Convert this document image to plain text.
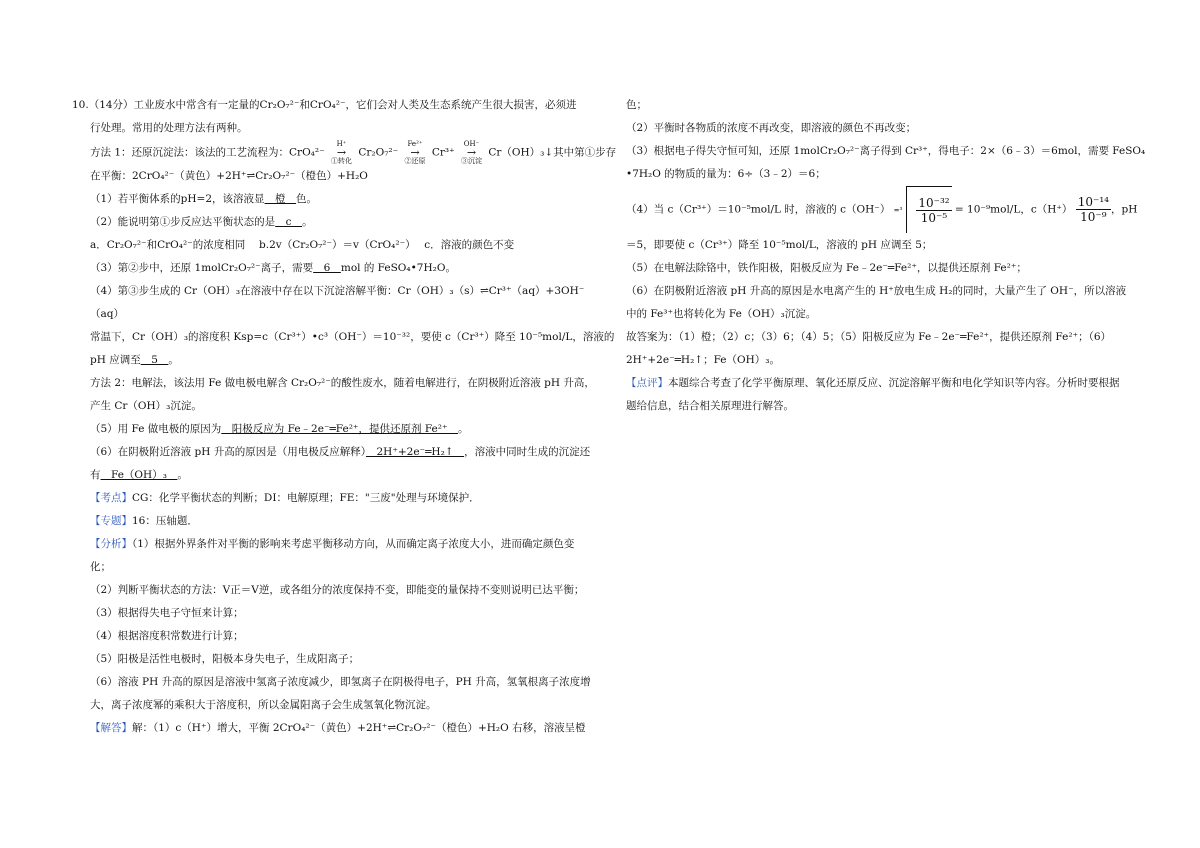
10.（14分）工业废水中常含有一定量的Cr₂O₇²⁻和CrO₄²⁻，它们会对人类及生态系统产生很大损害，必须进
行处理。常用的处理方法有两种。
方法 1：还原沉淀法：该法的工艺流程为：CrO₄²⁻ H⁺
→
①转化 Cr₂O₇²⁻ Fe²⁺
→
②还原 Cr³⁺ OH⁻
→
③沉淀 Cr（OH）₃↓其中第①步存
在平衡：2CrO₄²⁻（黄色）+2H⁺⇌Cr₂O₇²⁻（橙色）+H₂O
（1）若平衡体系的pH=2，该溶液显　橙　色。
（2）能说明第①步反应达平衡状态的是　c　。
a．Cr₂O₇²⁻和CrO₄²⁻的浓度相同　 b.2v（Cr₂O₇²⁻）＝v（CrO₄²⁻）　 c．溶液的颜色不变
（3）第②步中，还原 1molCr₂O₇²⁻离子，需要　6　mol 的 FeSO₄•7H₂O。
（4）第③步生成的 Cr（OH）₃在溶液中存在以下沉淀溶解平衡：Cr（OH）₃（s）⇌Cr³⁺（aq）+3OH⁻
（aq）
常温下，Cr（OH）₃的溶度积 Ksp=c（Cr³⁺）•c³（OH⁻）＝10⁻³²，要使 c（Cr³⁺）降至 10⁻⁵mol/L，溶液的
pH 应调至　5　。
方法 2：电解法，该法用 Fe 做电极电解含 Cr₂O₇²⁻的酸性废水，随着电解进行，在阴极附近溶液 pH 升高，
产生 Cr（OH）₃沉淀。
（5）用 Fe 做电极的原因为　阳极反应为 Fe﹣2e⁻═Fe²⁺，提供还原剂 Fe²⁺　。
（6）在阴极附近溶液 pH 升高的原因是（用电极反应解释）　2H⁺+2e⁻═H₂↑　，溶液中同时生成的沉淀还
有　Fe（OH）₃　。
【考点】CG：化学平衡状态的判断；DI：电解原理；FE："三废"处理与环境保护．
【专题】16：压轴题．
【分析】（1）根据外界条件对平衡的影响来考虑平衡移动方向，从而确定离子浓度大小，进而确定颜色变
化；
（2）判断平衡状态的方法：V正＝V逆，或各组分的浓度保持不变，即能变的量保持不变则说明已达平衡；
（3）根据得失电子守恒来计算；
（4）根据溶度积常数进行计算；
（5）阳极是活性电极时，阳极本身失电子，生成阳离子；
（6）溶液 PH 升高的原因是溶液中氢离子浓度减少，即氢离子在阴极得电子，PH 升高，氢氧根离子浓度增
大，离子浓度幂的乘积大于溶度积，所以金属阳离子会生成氢氧化物沉淀。
【解答】解：（1）c（H⁺）增大，平衡 2CrO₄²⁻（黄色）+2H⁺⇌Cr₂O₇²⁻（橙色）+H₂O 右移，溶液呈橙
色；
（2）平衡时各物质的浓度不再改变，即溶液的颜色不再改变；
（3）根据电子得失守恒可知，还原 1molCr₂O₇²⁻离子得到 Cr³⁺，得电子：2×（6﹣3）＝6mol，需要 FeSO₄
•7H₂O 的物质的量为：6÷（3﹣2）＝6；
（4）当 c（Cr³⁺）＝10⁻⁵mol/L 时，溶液的 $c(OH^-) =^3 \frac{\text{10⁻³²}}{\text{10⁻⁵}} = 10^{-9}mol/L$，$c(H^+) \frac{\text{10⁻¹⁴}}{\text{10⁻⁹}}$ ，pH
＝5，即要使 c（Cr³⁺）降至 10⁻⁵mol/L，溶液的 pH 应调至 5；
（5）在电解法除铬中，铁作阳极，阳极反应为 Fe﹣2e⁻═Fe²⁺，以提供还原剂 Fe²⁺；
（6）在阴极附近溶液 pH 升高的原因是水电离产生的 H⁺放电生成 H₂的同时，大量产生了 OH⁻，所以溶液
中的 Fe³⁺也将转化为 Fe（OH）₃沉淀。
故答案为：（1）橙；（2）c；（3）6；（4）5；（5）阳极反应为 Fe﹣2e⁻═Fe²⁺，提供还原剂 Fe²⁺；（6）
2H⁺+2e⁻═H₂↑；Fe（OH）₃。
【点评】本题综合考查了化学平衡原理、氧化还原反应、沉淀溶解平衡和电化学知识等内容。分析时要根据
题给信息，结合相关原理进行解答。
